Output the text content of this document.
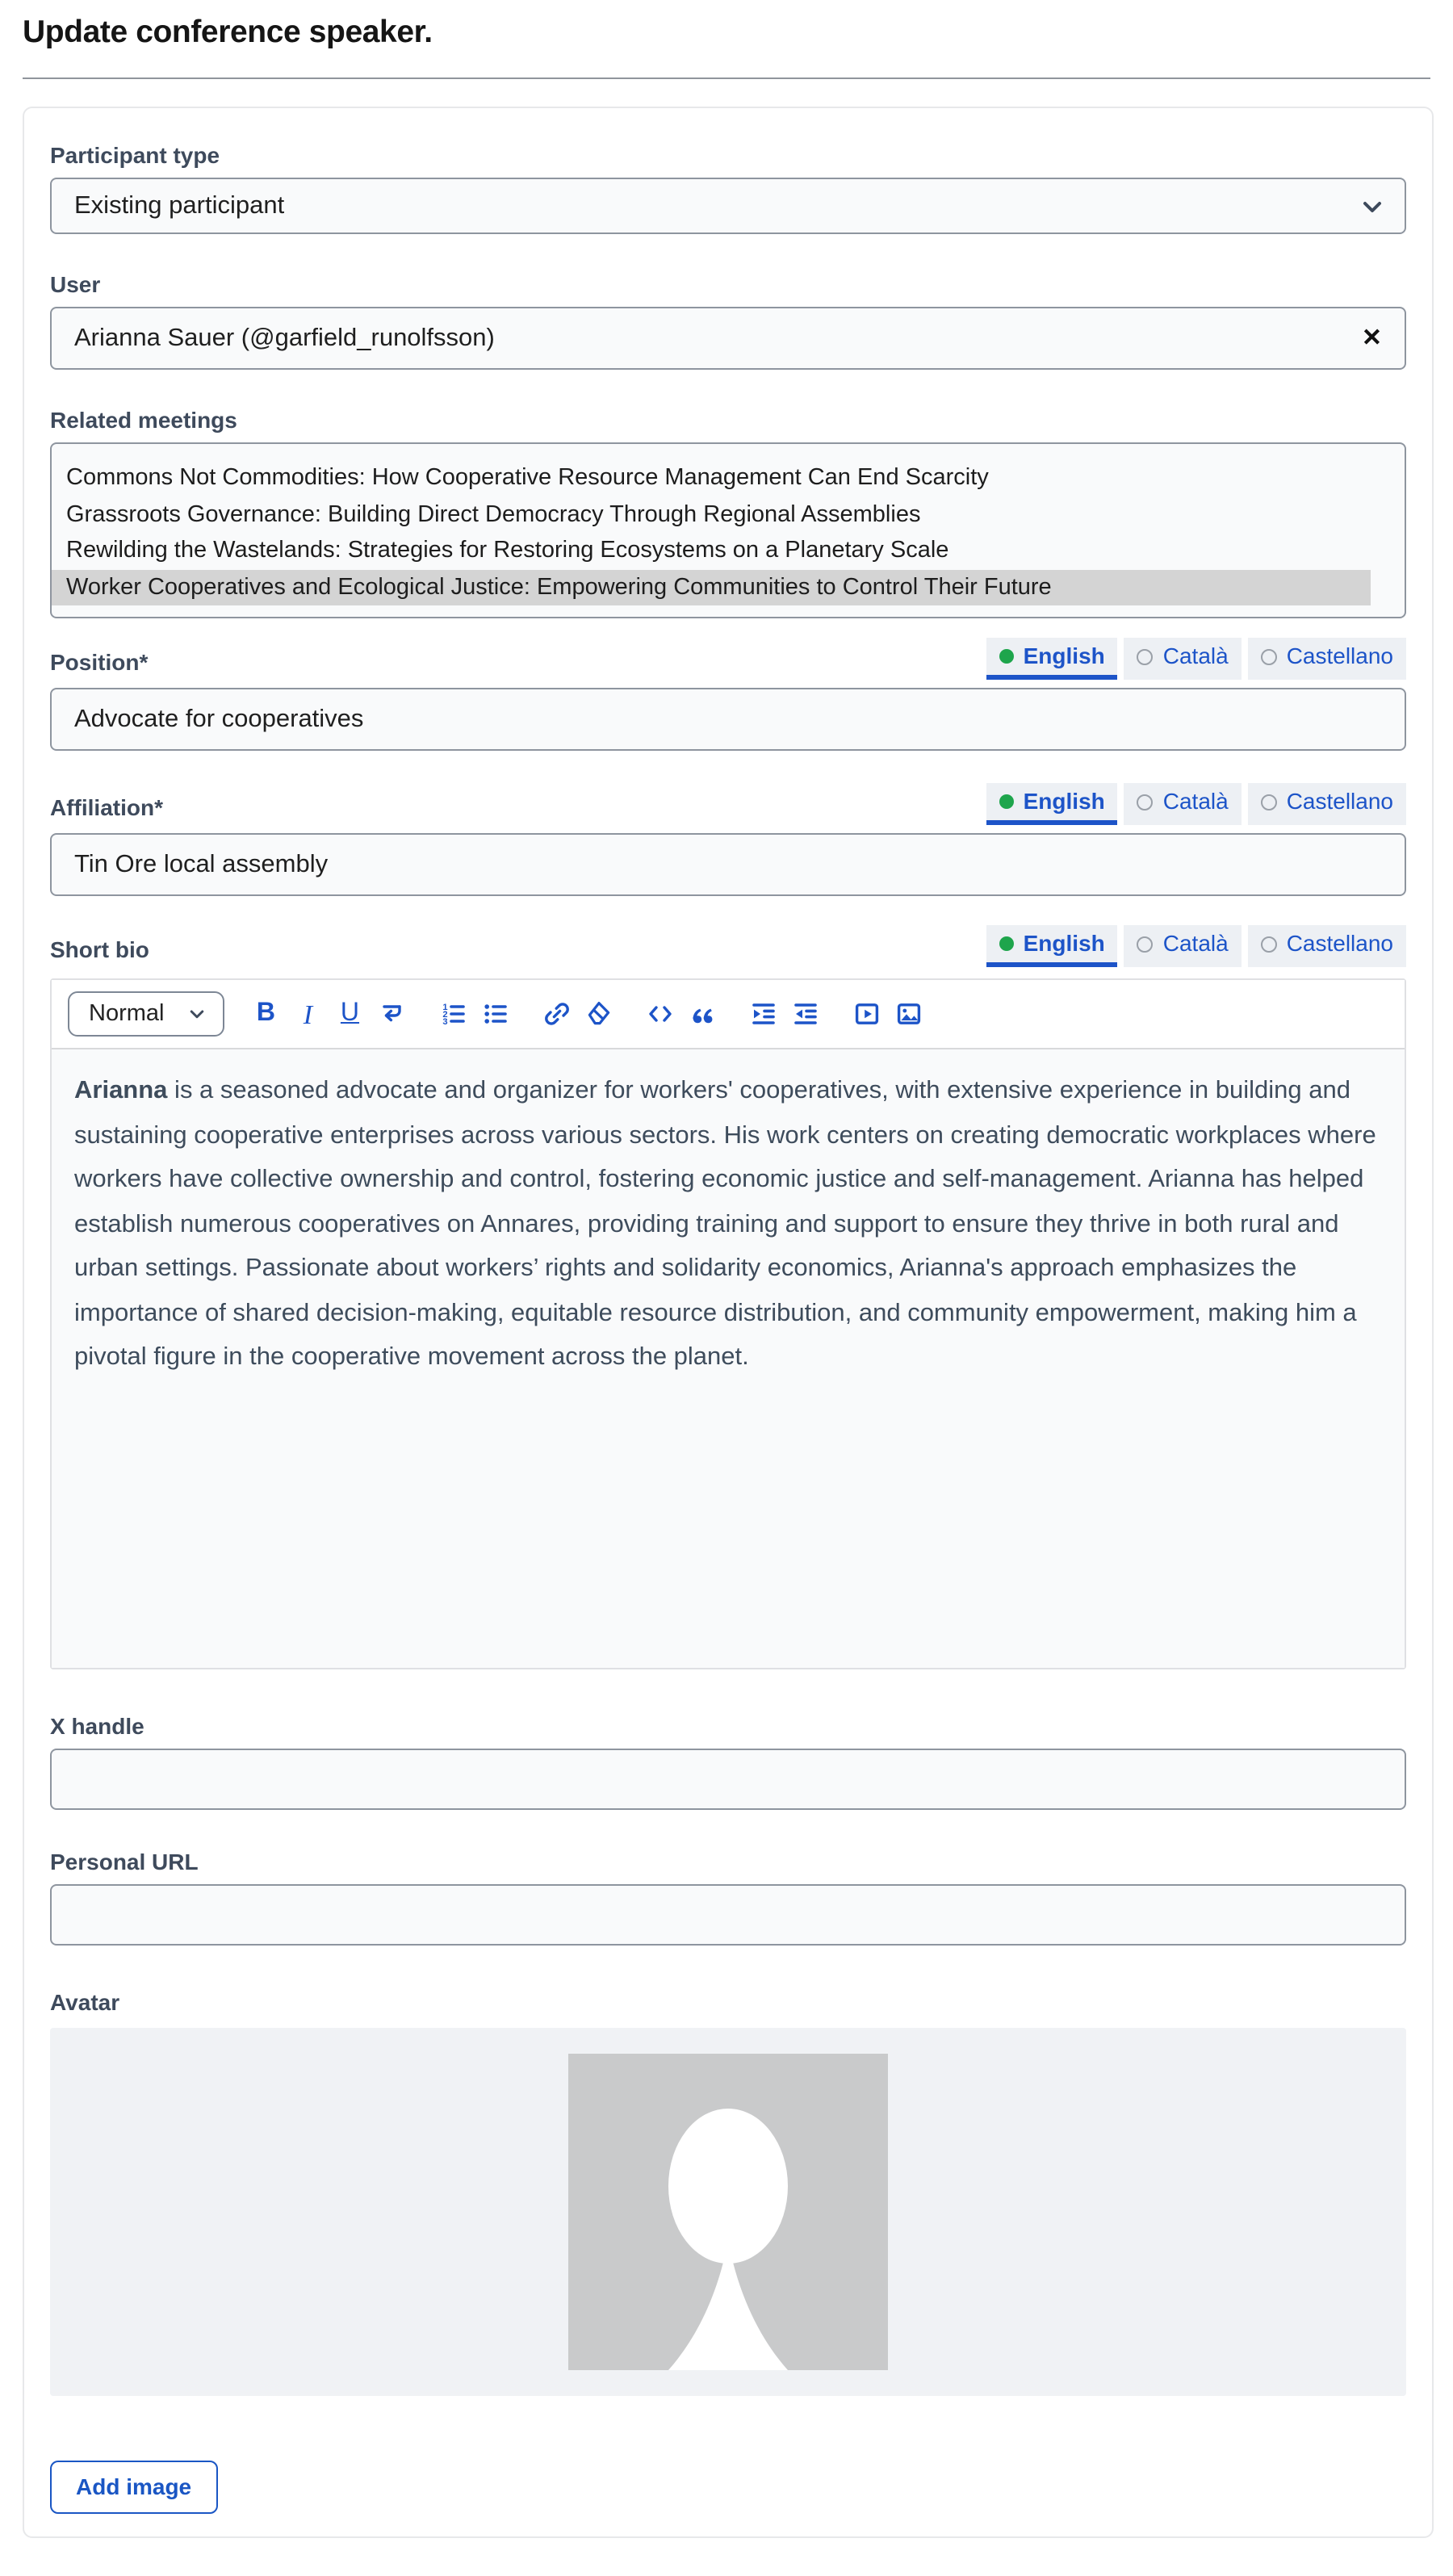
Update conference speaker.
Participant type
Existing participant
User
Arianna Sauer (@garfield_runolfsson)	✕
Related meetings
Commons Not Commodities: How Cooperative Resource Management Can End Scarcity
Grassroots Governance: Building Direct Democracy Through Regional Assemblies
Rewilding the Wastelands: Strategies for Restoring Ecosystems on a Planetary Scale
Worker Cooperatives and Ecological Justice: Empowering Communities to Control Their Future
Position*	English	Català	Castellano
Advocate for cooperatives
Affiliation*	English	Català	Castellano
Tin Ore local assembly
Short bio	English	Català	Castellano
Normal	B I U	1
2
3

Arianna is a seasoned advocate and organizer for workers' cooperatives, with extensive experience in building and sustaining cooperative enterprises across various sectors. His work centers on creating democratic workplaces where workers have collective ownership and control, fostering economic justice and self-management. Arianna has helped establish numerous cooperatives on Annares, providing training and support to ensure they thrive in both rural and urban settings. Passionate about workers’ rights and solidarity economics, Arianna's approach emphasizes the importance of shared decision-making, equitable resource distribution, and community empowerment, making him a pivotal figure in the cooperative movement across the planet.

X handle
Personal URL
Avatar
Add image
